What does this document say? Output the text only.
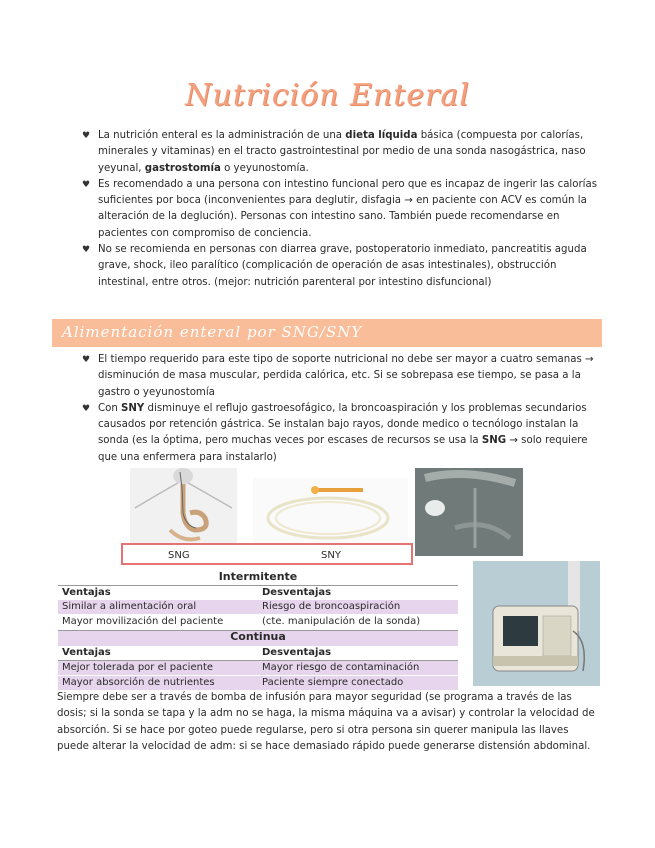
Nutrición Enteral
♥ La nutrición enteral es la administración de una dieta líquida básica (compuesta por calorías, minerales y vitaminas) en el tracto gastrointestinal por medio de una sonda nasogástrica, naso yeyunal, gastrostomía o yeyunostomía.
♥ Es recomendado a una persona con intestino funcional pero que es incapaz de ingerir las calorías suficientes por boca (inconvenientes para deglutir, disfagia → en paciente con ACV es común la alteración de la deglución). Personas con intestino sano. También puede recomendarse en pacientes con compromiso de conciencia.
♥ No se recomienda en personas con diarrea grave, postoperatorio inmediato, pancreatitis aguda grave, shock, ileo paralítico (complicación de operación de asas intestinales), obstrucción intestinal, entre otros. (mejor: nutrición parenteral por intestino disfuncional)
Alimentación enteral por SNG/SNY
♥ El tiempo requerido para este tipo de soporte nutricional no debe ser mayor a cuatro semanas → disminución de masa muscular, perdida calórica, etc. Si se sobrepasa ese tiempo, se pasa a la gastro o yeyunostomía
♥ Con SNY disminuye el reflujo gastroesofágico, la broncoaspiración y los problemas secundarios causados por retención gástrica. Se instalan bajo rayos, donde medico o tecnólogo instalan la sonda (es la óptima, pero muchas veces por escases de recursos se usa la SNG → solo requiere que una enfermera para instalarlo)
SNG	SNY
Intermitente
Ventajas	Desventajas
Similar a alimentación oral	Riesgo de broncoaspiración
Mayor movilización del paciente	(cte. manipulación de la sonda)
Continua
Ventajas	Desventajas
Mejor tolerada por el paciente	Mayor riesgo de contaminación
Mayor absorción de nutrientes	Paciente siempre conectado

Siempre debe ser a través de bomba de infusión para mayor seguridad (se programa a través de las dosis; si la sonda se tapa y la adm no se haga, la misma máquina va a avisar) y controlar la velocidad de absorción. Si se hace por goteo puede regularse, pero si otra persona sin querer manipula las llaves puede alterar la velocidad de adm: si se hace demasiado rápido puede generarse distensión abdominal.
